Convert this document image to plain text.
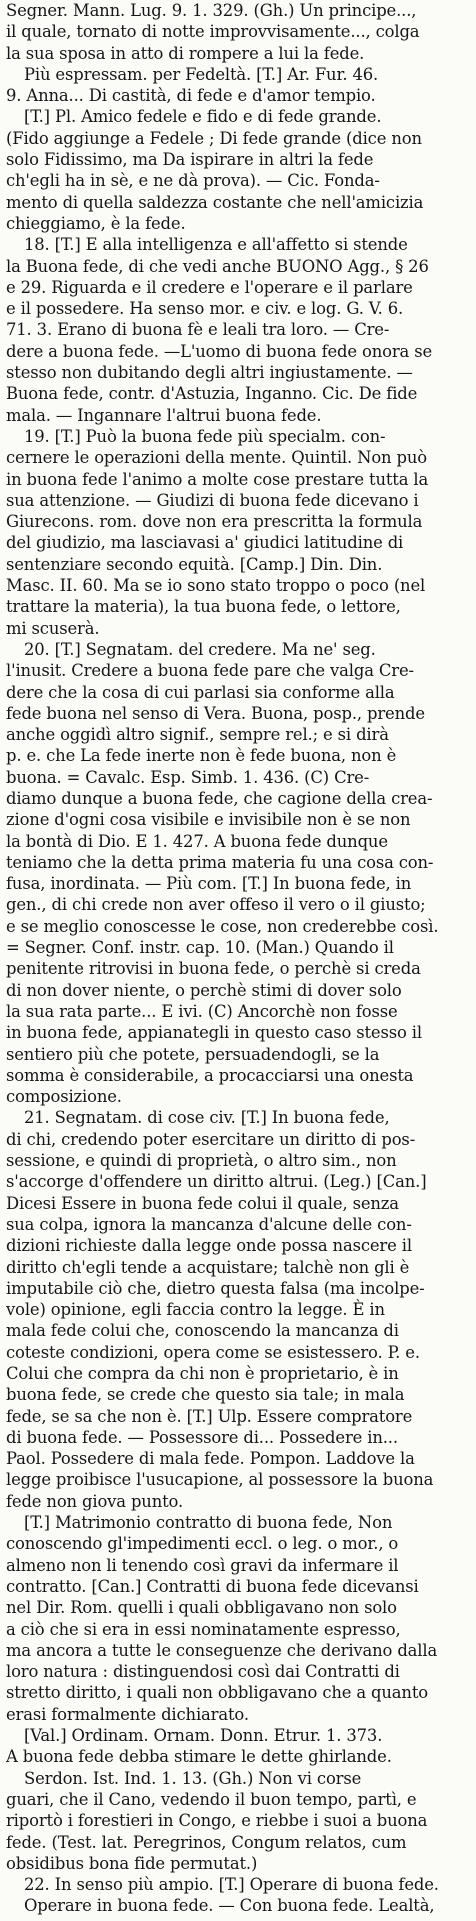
Segner. Mann. Lug. 9. 1. 329. (Gh.) Un principe...,
il quale, tornato di notte improvvisamente..., colga
la sua sposa in atto di rompere a lui la fede.
Più espressam. per Fedeltà. [T.] Ar. Fur. 46.
9. Anna... Di castità, di fede e d'amor tempio.
[T.] Pl. Amico fedele e fido e di fede grande.
(Fido aggiunge a Fedele ; Di fede grande (dice non
solo Fidissimo, ma Da ispirare in altri la fede
ch'egli ha in sè, e ne dà prova). — Cic. Fonda-
mento di quella saldezza costante che nell'amicizia
chieggiamo, è la fede.
18. [T.] E alla intelligenza e all'affetto si stende
la Buona fede, di che vedi anche BUONO Agg., § 26
e 29. Riguarda e il credere e l'operare e il parlare
e il possedere. Ha senso mor. e civ. e log. G. V. 6.
71. 3. Erano di buona fè e leali tra loro. — Cre-
dere a buona fede. —L'uomo di buona fede onora se
stesso non dubitando degli altri ingiustamente. —
Buona fede, contr. d'Astuzia, Inganno. Cic. De fide
mala. — Ingannare l'altrui buona fede.
19. [T.] Può la buona fede più specialm. con-
cernere le operazioni della mente. Quintil. Non può
in buona fede l'animo a molte cose prestare tutta la
sua attenzione. — Giudizi di buona fede dicevano i
Giurecons. rom. dove non era prescritta la formula
del giudizio, ma lasciavasi a' giudici latitudine di
sentenziare secondo equità. [Camp.] Din. Din.
Masc. II. 60. Ma se io sono stato troppo o poco (nel
trattare la materia), la tua buona fede, o lettore,
mi scuserà.
20. [T.] Segnatam. del credere. Ma ne' seg.
l'inusit. Credere a buona fede pare che valga Cre-
dere che la cosa di cui parlasi sia conforme alla
fede buona nel senso di Vera. Buona, posp., prende
anche oggidì altro signif., sempre rel.; e si dirà
p. e. che La fede inerte non è fede buona, non è
buona. = Cavalc. Esp. Simb. 1. 436. (C) Cre-
diamo dunque a buona fede, che cagione della crea-
zione d'ogni cosa visibile e invisibile non è se non
la bontà di Dio. E 1. 427. A buona fede dunque
teniamo che la detta prima materia fu una cosa con-
fusa, inordinata. — Più com. [T.] In buona fede, in
gen., di chi crede non aver offeso il vero o il giusto;
e se meglio conoscesse le cose, non crederebbe così.
= Segner. Conf. instr. cap. 10. (Man.) Quando il
penitente ritrovisi in buona fede, o perchè si creda
di non dover niente, o perchè stimi di dover solo
la sua rata parte... E ivi. (C) Ancorchè non fosse
in buona fede, appianategli in questo caso stesso il
sentiero più che potete, persuadendogli, se la
somma è considerabile, a procacciarsi una onesta
composizione.
21. Segnatam. di cose civ. [T.] In buona fede,
di chi, credendo poter esercitare un diritto di pos-
sessione, e quindi di proprietà, o altro sim., non
s'accorge d'offendere un diritto altrui. (Leg.) [Can.]
Dicesi Essere in buona fede colui il quale, senza
sua colpa, ignora la mancanza d'alcune delle con-
dizioni richieste dalla legge onde possa nascere il
diritto ch'egli tende a acquistare; talchè non gli è
imputabile ciò che, dietro questa falsa (ma incolpe-
vole) opinione, egli faccia contro la legge. È in
mala fede colui che, conoscendo la mancanza di
coteste condizioni, opera come se esistessero. P. e.
Colui che compra da chi non è proprietario, è in
buona fede, se crede che questo sia tale; in mala
fede, se sa che non è. [T.] Ulp. Essere compratore
di buona fede. — Possessore di... Possedere in...
Paol. Possedere di mala fede. Pompon. Laddove la
legge proibisce l'usucapione, al possessore la buona
fede non giova punto.
[T.] Matrimonio contratto di buona fede, Non
conoscendo gl'impedimenti eccl. o leg. o mor., o
almeno non li tenendo così gravi da infermare il
contratto. [Can.] Contratti di buona fede dicevansi
nel Dir. Rom. quelli i quali obbligavano non solo
a ciò che si era in essi nominatamente espresso,
ma ancora a tutte le conseguenze che derivano dalla
loro natura : distinguendosi così dai Contratti di
stretto diritto, i quali non obbligavano che a quanto
erasi formalmente dichiarato.
[Val.] Ordinam. Ornam. Donn. Etrur. 1. 373.
A buona fede debba stimare le dette ghirlande.
Serdon. Ist. Ind. 1. 13. (Gh.) Non vi corse
guari, che il Cano, vedendo il buon tempo, partì, e
riportò i forestieri in Congo, e riebbe i suoi a buona
fede. (Test. lat. Peregrinos, Congum relatos, cum
obsidibus bona fide permutat.)
22. In senso più ampio. [T.] Operare di buona fede.
Operare in buona fede. — Con buona fede. Lealtà,
